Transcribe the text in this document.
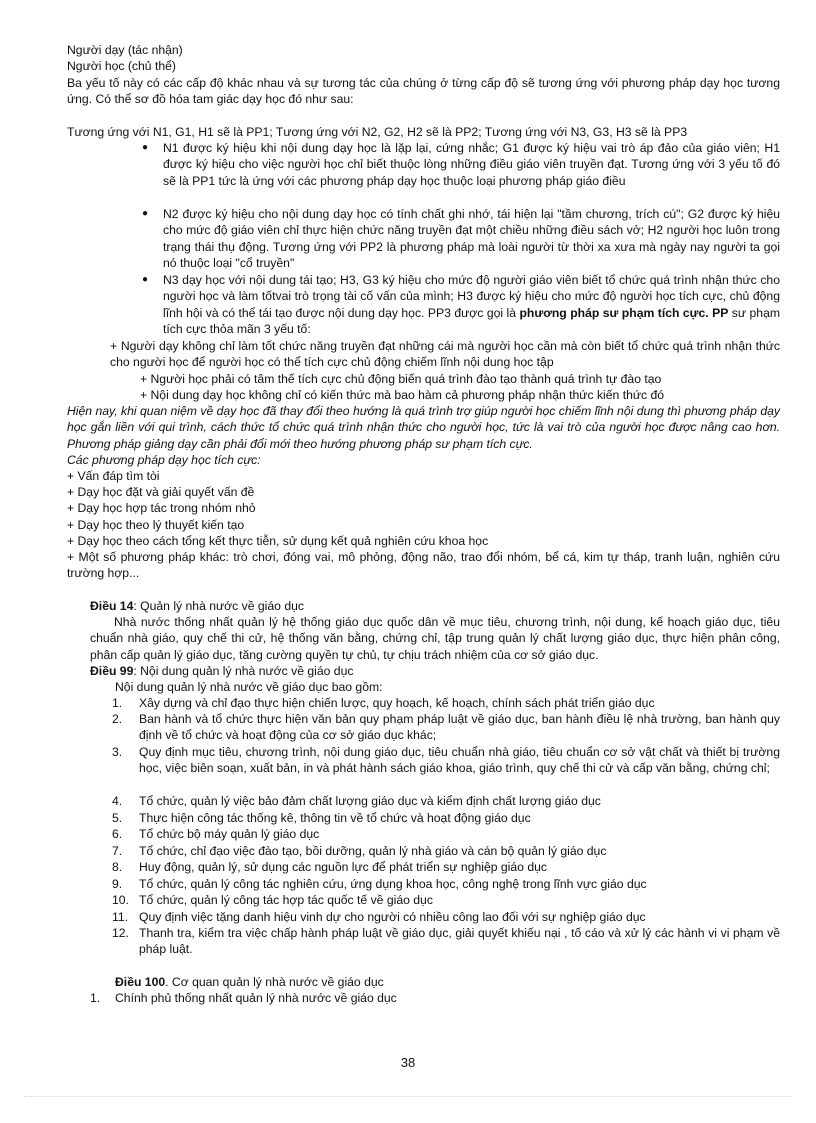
Người dạy (tác nhận)
Người học (chủ thể)
Ba yếu tố này có các cấp độ khác nhau và sự tương tác của chúng ở từng cấp độ sẽ tương ứng với phương pháp dạy học tương ứng. Có thể sơ đồ hóa tam giác dạy học đó như sau:
Tương ứng với N1, G1, H1 sẽ là PP1; Tương ứng với N2, G2, H2 sẽ là PP2; Tương ứng với N3, G3, H3 sẽ là PP3
● N1 được ký hiệu khi nội dung dạy học là lặp lại, cứng nhắc; G1 được ký hiệu vai trò áp đảo của giáo viên; H1 được ký hiệu cho việc người học chỉ biết thuộc lòng những điều giáo viên truyền đạt. Tương ứng với 3 yếu tố đó sẽ là PP1 tức là ứng với các phương pháp dạy học thuộc loại phương pháp giáo điều
● N2 được ký hiệu cho nội dung dạy học có tính chất ghi nhớ, tái hiện lại "tầm chương, trích cú"; G2 được ký hiệu cho mức độ giáo viên chỉ thực hiện chức năng truyền đạt một chiều những điều sách vở; H2 người học luôn trong trạng thái thụ động. Tương ứng với PP2 là phương pháp mà loài người từ thời xa xưa mà ngày nay người ta gọi nó thuộc loại "cổ truyền"
● N3 dạy học với nội dung tái tạo; H3, G3 ký hiệu cho mức độ người giáo viên biết tổ chức quá trình nhận thức cho người học và làm tốtvai trò trọng tài cố vấn của mình; H3 được ký hiệu cho mức độ người học tích cực, chủ động lĩnh hội và có thể tái tạo được nội dung dạy học. PP3 được gọi là phương pháp sư phạm tích cực. PP sư phạm tích cực thỏa mãn 3 yếu tố:
+ Người dạy không chỉ làm tốt chức năng truyền đạt những cái mà người học cần mà còn biết tổ chức quá trình nhận thức cho người học để người học có thể tích cực chủ động chiếm lĩnh nội dung học tập
+ Người học phải có tâm thế tích cực chủ động biến quá trình đào tạo thành quá trình tự đào tạo
+ Nội dung dạy học không chỉ có kiến thức mà bao hàm cả phương pháp nhận thức kiến thức đó
Hiện nay, khi quan niệm về dạy học đã thay đổi theo hướng là quá trình trợ giúp người học chiếm lĩnh nội dung thì phương pháp dạy học gắn liền với qui trình, cách thức tổ chức quá trình nhận thức cho người học, tức là vai trò của người học được nâng cao hơn. Phương pháp giảng dạy cần phải đổi mới theo hướng phương pháp sư phạm tích cực.
Các phương pháp dạy học tích cực:
+ Vấn đáp tìm tòi
+ Dạy học đặt và giải quyết vấn đề
+ Dạy học hợp tác trong nhóm nhỏ
+ Dạy học theo lý thuyết kiến tạo
+ Dạy học theo cách tổng kết thực tiễn, sử dụng kết quả nghiên cứu khoa học
+ Một số phương pháp khác: trò chơi, đóng vai, mô phỏng, động não, trao đổi nhóm, bể cá, kim tự tháp, tranh luận, nghiên cứu trường hợp...
Điều 14: Quản lý nhà nước về giáo dục
Nhà nước thống nhất quản lý hệ thống giáo dục quốc dân về mục tiêu, chương trình, nội dung, kế hoạch giáo dục, tiêu chuẩn nhà giáo, quy chế thi cử, hệ thống văn bằng, chứng chỉ, tập trung quản lý chất lượng giáo dục, thực hiện phân công, phân cấp quản lý giáo dục, tăng cường quyền tự chủ, tự chịu trách nhiệm của cơ sở giáo dục.
Điều 99: Nội dung quản lý nhà nước về giáo dục
Nội dung quản lý nhà nước về giáo dục bao gồm:
1.	Xây dựng và chỉ đạo thực hiện chiến lược, quy hoạch, kế hoạch, chính sách phát triển giáo dục
2.	Ban hành và tổ chức thực hiện văn bản quy phạm pháp luật về giáo dục, ban hành điều lệ nhà trường, ban hành quy định về tổ chức và hoạt động của cơ sở giáo dục khác;
3.	Quy định mục tiêu, chương trình, nội dung giáo dục, tiêu chuẩn nhà giáo, tiêu chuẩn cơ sở vật chất và thiết bị trường học, việc biên soạn, xuất bản, in và phát hành sách giáo khoa, giáo trình, quy chế thi cử và cấp văn bằng, chứng chỉ;
4.	Tổ chức, quản lý việc bảo đảm chất lượng giáo dục và kiểm định chất lượng giáo dục
5.	Thực hiện công tác thống kê, thông tin về tổ chức và hoạt động giáo dục
6.	Tổ chức bộ máy quản lý giáo dục
7.	Tổ chức, chỉ đạo việc đào tạo, bồi dưỡng, quản lý nhà giáo và cán bộ quản lý giáo dục
8.	Huy động, quản lý, sử dụng các nguồn lực để phát triển sự nghiệp giáo dục
9.	Tổ chức, quản lý công tác nghiên cứu, ứng dụng khoa học, công nghệ trong lĩnh vực giáo dục
10. Tổ chức, quản lý công tác hợp tác quốc tế về giáo dục
11. Quy định việc tặng danh hiệu vinh dự cho người có nhiều công lao đối với sự nghiệp giáo dục
12. Thanh tra, kiểm tra việc chấp hành pháp luật về giáo dục, giải quyết khiếu nại , tố cáo và xử lý các hành vi vi phạm về pháp luật.
Điều 100. Cơ quan quản lý nhà nước về giáo dục
1. Chính phủ thống nhất quản lý nhà nước về giáo dục
38
